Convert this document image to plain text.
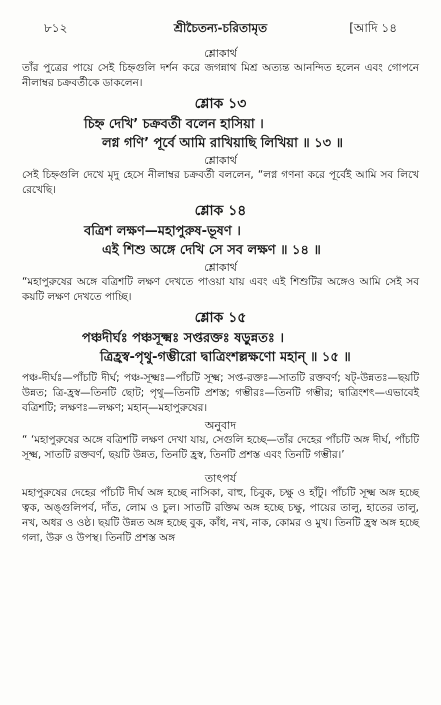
৮১২	শ্রীচৈতন্য-চরিতামৃত	[আদি ১৪

শ্লোকার্থ

তাঁর পুত্রের পায়ে সেই চিহ্নগুলি দর্শন করে জগন্নাথ মিশ্র অত্যন্ত আনন্দিত হলেন এবং গোপনে নীলাম্বর চক্রবর্তীকে ডাকলেন।

শ্লোক ১৩
চিহ্ন দেখি’ চক্রবর্তী বলেন হাসিয়া ।
লগ্ন গণি’ পূর্বে আমি রাখিয়াছি লিখিয়া ॥ ১৩ ॥

শ্লোকার্থ

সেই চিহ্নগুলি দেখে মৃদু হেসে নীলাম্বর চক্রবর্তী বললেন, “লগ্ন গণনা করে পূর্বেই আমি সব লিখে রেখেছি।

শ্লোক ১৪
বত্রিশ লক্ষণ—মহাপুরুষ-ভূষণ ।
এই শিশু অঙ্গে দেখি সে সব লক্ষণ ॥ ১৪ ॥

শ্লোকার্থ

“মহাপুরুষের অঙ্গে বত্রিশটি লক্ষণ দেখতে পাওয়া যায় এবং এই শিশুটির অঙ্গেও আমি সেই সব কয়টি লক্ষণ দেখতে পাচ্ছি।

শ্লোক ১৫
পঞ্চদীর্ঘঃ পঞ্চসূক্ষ্মঃ সপ্তরক্তঃ ষড়ুন্নতঃ ।
ত্রিহ্রস্ব-পৃথু-গম্ভীরো দ্বাত্রিংশল্লক্ষণো মহান্ ॥ ১৫ ॥

পঞ্চ-দীর্ঘঃ—পাঁচটি দীর্ঘ; পঞ্চ-সূক্ষ্মঃ—পাঁচটি সূক্ষ্ম; সপ্ত-রক্তঃ—সাতটি রক্তবর্ণ; ষট্-উন্নতঃ—ছয়টি উন্নত; ত্রি-হ্রস্ব—তিনটি ছোট; পৃথু—তিনটি প্রশস্ত; গম্ভীরঃ—তিনটি গম্ভীর; দ্বাত্রিংশৎ—এভাবেই বত্রিশটি; লক্ষণঃ—লক্ষণ; মহান্—মহাপুরুষের।

অনুবাদ

“ ‘মহাপুরুষের অঙ্গে বত্রিশটি লক্ষণ দেখা যায়, সেগুলি হচ্ছে—তাঁর দেহের পাঁচটি অঙ্গ দীর্ঘ, পাঁচটি সূক্ষ্ম, সাতটি রক্তবর্ণ, ছয়টি উন্নত, তিনটি হ্রস্ব, তিনটি প্রশস্ত এবং তিনটি গম্ভীর।’

তাৎপর্য

মহাপুরুষের দেহের পাঁচটি দীর্ঘ অঙ্গ হচ্ছে নাসিকা, বাহু, চিবুক, চক্ষু ও হাঁটু। পাঁচটি সূক্ষ্ম অঙ্গ হচ্ছে ত্বক, অঙ্গুলিপর্ব, দাঁত, লোম ও চুল। সাতটি রক্তিম অঙ্গ হচ্ছে চক্ষু, পায়ের তালু, হাতের তালু, নখ, অধর ও ওষ্ঠ। ছয়টি উন্নত অঙ্গ হচ্ছে বুক, কাঁধ, নখ, নাক, কোমর ও মুখ। তিনটি হ্রস্ব অঙ্গ হচ্ছে গলা, উরু ও উপস্থ। তিনটি প্রশস্ত অঙ্গ
